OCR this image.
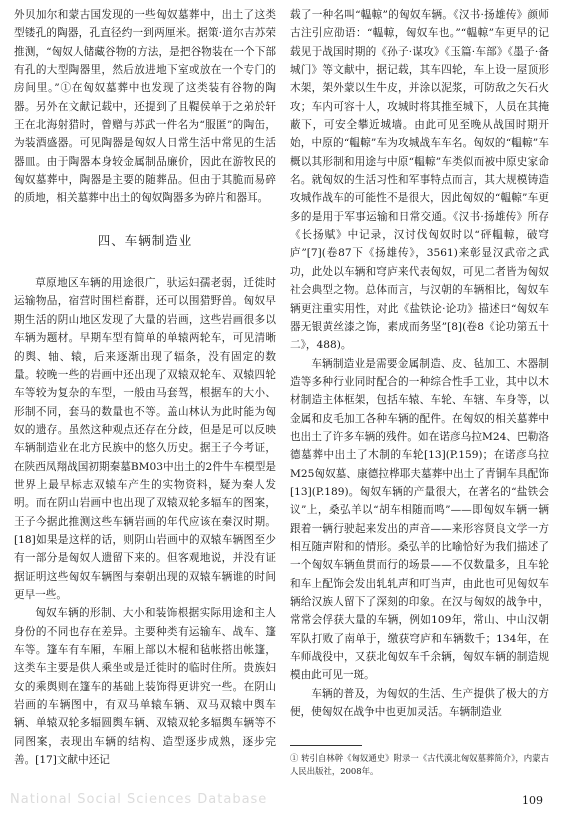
外贝加尔和蒙古国发现的一些匈奴墓葬中，出土了这类型镂孔的陶器，孔直径约一到两厘米。据策·道尔吉苏荣推测，“匈奴人储藏谷物的方法，是把谷物装在一个下部有孔的大型陶器里，然后放进地下室或放在一个专门的房间里。”①在匈奴墓葬中也发现了这类装有谷物的陶器。另外在文献记载中，还提到了且鞮侯单于之弟於轩王在北海射猎时，曾赠与苏武一件名为“服匿”的陶缶，为装酒盛器。可见陶器是匈奴人日常生活中常见的生活器皿。由于陶器本身较金属制品廉价，因此在游牧民的匈奴墓葬中，陶器是主要的随葬品。但由于其脆而易碎的质地，相关墓葬中出土的匈奴陶器多为碎片和器耳。

四、车辆制造业

草原地区车辆的用途很广，驮运妇孺老弱，迁徙时运输物品，宿营时围栏畜群，还可以围猎野兽。匈奴早期生活的阴山地区发现了大量的岩画，这些岩画很多以车辆为题材。早期车型有简单的单辕两轮车，可见清晰的舆、轴、辕，后来逐渐出现了辐条，没有固定的数量。较晚一些的岩画中还出现了双辕双轮车、双辕四轮车等较为复杂的车型，一般由马套驾，根据车的大小、形制不同，套马的数量也不等。盖山林认为此时能为匈奴的遗存。虽然这种观点还存在分歧，但是足可以反映车辆制造业在北方民族中的悠久历史。据王子今考证，在陕西凤翔战国初期秦墓BM03中出土的2件牛车模型是世界上最早标志双辕车产生的实物资料，疑为秦人发明。而在阴山岩画中也出现了双辕双轮多辐车的图案，王子今据此推测这些车辆岩画的年代应该在秦汉时期。[18]如果是这样的话，则阴山岩画中的双辕车辆图至少有一部分是匈奴人遗留下来的。但客观地说，并没有证据证明这些匈奴车辆图与秦朝出现的双辕车辆谁的时间更早一些。

匈奴车辆的形制、大小和装饰根据实际用途和主人身份的不同也存在差异。主要种类有运输车、战车、篷车等。篷车有车厢，车厢上部以木棍和毡帐搭出帐篷，这类车主要是供人乘坐或是迁徙时的临时住所。贵族妇女的乘舆则在篷车的基础上装饰得更讲究一些。在阴山岩画的车辆图中，有双马单辕车辆、双马双辕中舆车辆、单辕双轮多辐圆舆车辆、双辕双轮多辐舆车辆等不同图案，表现出车辆的结构、造型逐步成熟，逐步完善。[17]文献中还记

载了一种名叫“輼輬”的匈奴车辆。《汉书·扬雄传》颜师古注引应劭语：“輼輬，匈奴车也。”“輼輬”车更早的记载见于战国时期的《孙子·谋攻》《玉篇·车部》《墨子·备城门》等文献中，据记载，其车四轮，车上设一屋顶形木架，架外蒙以生牛皮，并涂以泥浆，可防敌之矢石火攻；车内可容十人，攻城时将其推至城下，人员在其掩蔽下，可安全攀近城墙。由此可见至晚从战国时期开始，中原的“輼輬”车为攻城战车车名。匈奴的“輼輬”车概以其形制和用途与中原“輼輬”车类似而被中原史家命名。就匈奴的生活习性和军事特点而言，其大规模铸造攻城作战车的可能性不是很大，因此匈奴的“輼輬”车更多的是用于军事运输和日常交通。《汉书·扬雄传》所存《长扬赋》中记录，汉讨伐匈奴时以“砰輼輬，破穹庐”[7](卷87下《扬雄传》，3561)来彰显汉武帝之武功，此处以车辆和穹庐来代表匈奴，可见二者皆为匈奴社会典型之物。总体而言，与汉朝的车辆相比，匈奴车辆更注重实用性，对此《盐铁论·论功》描述曰“匈奴车器无银黄丝漆之饰，素成而务坚”[8](卷8《论功第五十二》，488)。

车辆制造业是需要金属制造、皮、毡加工、木器制造等多种行业同时配合的一种综合性手工业，其中以木材制造主体框架，包括车辕、车轮、车辖、车身等，以金属和皮毛加工各种车辆的配件。在匈奴的相关墓葬中也出土了许多车辆的残件。如在诺彦乌拉M24、巴勒洛德墓葬中出土了木制的车轮[13](P.159)；在诺彦乌拉M25匈奴墓、康德拉桦耶夫墓葬中出土了青铜车具配饰[13](P.189)。匈奴车辆的产量很大，在著名的“盐铁会议”上，桑弘羊以“胡车相随而鸣”——即匈奴车辆一辆跟着一辆行驶起来发出的声音——来形容贤良文学一方相互随声附和的情形。桑弘羊的比喻恰好为我们描述了一个匈奴车辆鱼贯而行的场景——不仅数量多，且车轮和车上配饰会发出轧轧声和叮当声，由此也可见匈奴车辆给汉族人留下了深刻的印象。在汉与匈奴的战争中，常常会俘获大量的车辆，例如109年，常山、中山汉朝军队打败了南单于，缴获穹庐和车辆数千；134年，在车师战役中，又获北匈奴车千余辆，匈奴车辆的制造规模由此可见一斑。

车辆的普及，为匈奴的生活、生产提供了极大的方便，使匈奴在战争中也更加灵活。车辆制造业

① 转引自林幹《匈奴通史》附录一《古代漠北匈奴墓葬简介》，内蒙古人民出版社，2008年。
National Social Sciences Database	109
